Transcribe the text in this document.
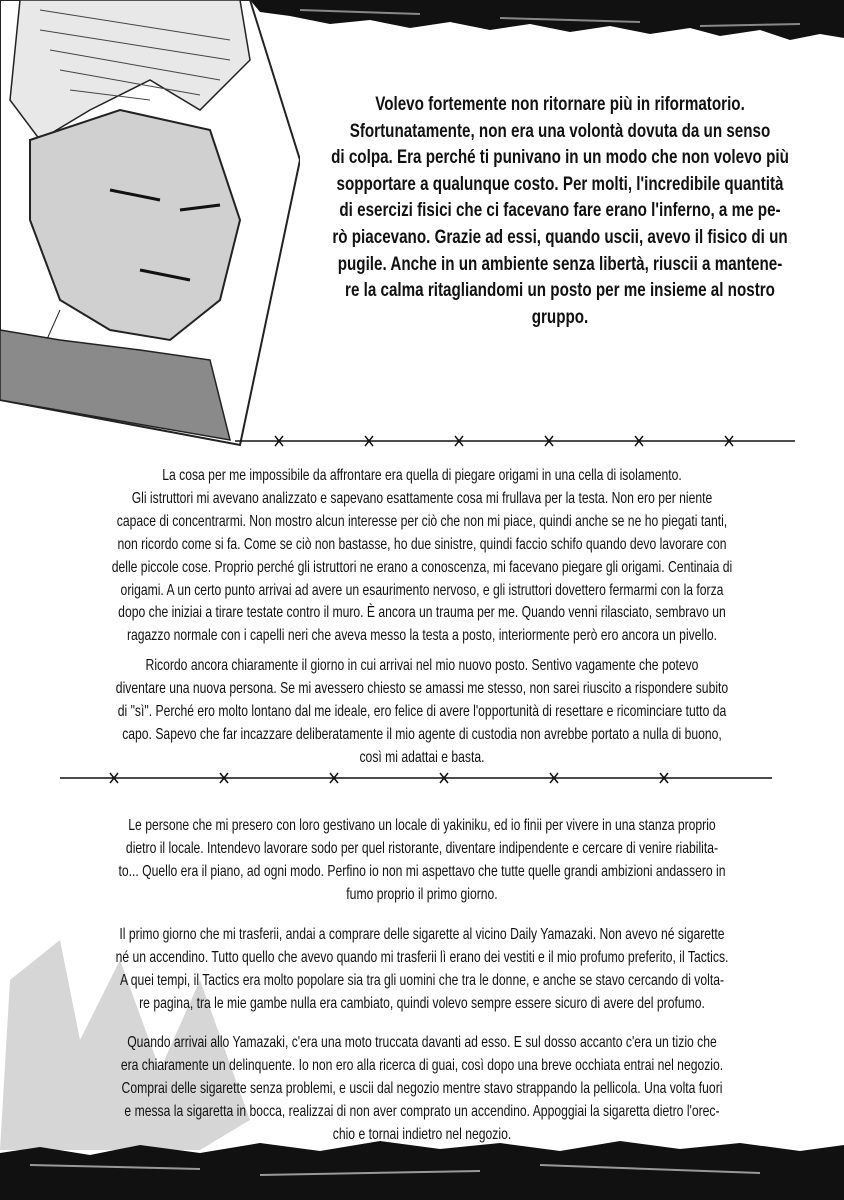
Volevo fortemente non ritornare più in riformatorio.
Sfortunatamente, non era una volontà dovuta da un senso
di colpa. Era perché ti punivano in un modo che non volevo più
sopportare a qualunque costo. Per molti, l'incredibile quantità
di esercizi fisici che ci facevano fare erano l'inferno, a me pe-
rò piacevano. Grazie ad essi, quando uscii, avevo il fisico di un
pugile. Anche in un ambiente senza libertà, riuscii a mantene-
re la calma ritagliandomi un posto per me insieme al nostro
gruppo.
La cosa per me impossibile da affrontare era quella di piegare origami in una cella di isolamento.
Gli istruttori mi avevano analizzato e sapevano esattamente cosa mi frullava per la testa. Non ero per niente
capace di concentrarmi. Non mostro alcun interesse per ciò che non mi piace, quindi anche se ne ho piegati tanti,
non ricordo come si fa. Come se ciò non bastasse, ho due sinistre, quindi faccio schifo quando devo lavorare con
delle piccole cose. Proprio perché gli istruttori ne erano a conoscenza, mi facevano piegare gli origami. Centinaia di
origami. A un certo punto arrivai ad avere un esaurimento nervoso, e gli istruttori dovettero fermarmi con la forza
dopo che iniziai a tirare testate contro il muro. È ancora un trauma per me. Quando venni rilasciato, sembravo un
ragazzo normale con i capelli neri che aveva messo la testa a posto, interiormente però ero ancora un pivello.
Ricordo ancora chiaramente il giorno in cui arrivai nel mio nuovo posto. Sentivo vagamente che potevo
diventare una nuova persona. Se mi avessero chiesto se amassi me stesso, non sarei riuscito a rispondere subito
di "sì". Perché ero molto lontano dal me ideale, ero felice di avere l'opportunità di resettare e ricominciare tutto da
capo. Sapevo che far incazzare deliberatamente il mio agente di custodia non avrebbe portato a nulla di buono,
così mi adattai e basta.
Le persone che mi presero con loro gestivano un locale di yakiniku, ed io finii per vivere in una stanza proprio
dietro il locale. Intendevo lavorare sodo per quel ristorante, diventare indipendente e cercare di venire riabilita-
to... Quello era il piano, ad ogni modo. Perfino io non mi aspettavo che tutte quelle grandi ambizioni andassero in
fumo proprio il primo giorno.
Il primo giorno che mi trasferii, andai a comprare delle sigarette al vicino Daily Yamazaki. Non avevo né sigarette
né un accendino. Tutto quello che avevo quando mi trasferii lì erano dei vestiti e il mio profumo preferito, il Tactics.
A quei tempi, il Tactics era molto popolare sia tra gli uomini che tra le donne, e anche se stavo cercando di volta-
re pagina, tra le mie gambe nulla era cambiato, quindi volevo sempre essere sicuro di avere del profumo.
Quando arrivai allo Yamazaki, c'era una moto truccata davanti ad esso. E sul dosso accanto c'era un tizio che
era chiaramente un delinquente. Io non ero alla ricerca di guai, così dopo una breve occhiata entrai nel negozio.
Comprai delle sigarette senza problemi, e uscii dal negozio mentre stavo strappando la pellicola. Una volta fuori
e messa la sigaretta in bocca, realizzai di non aver comprato un accendino. Appoggiai la sigaretta dietro l'orec-
chio e tornai indietro nel negozio.
